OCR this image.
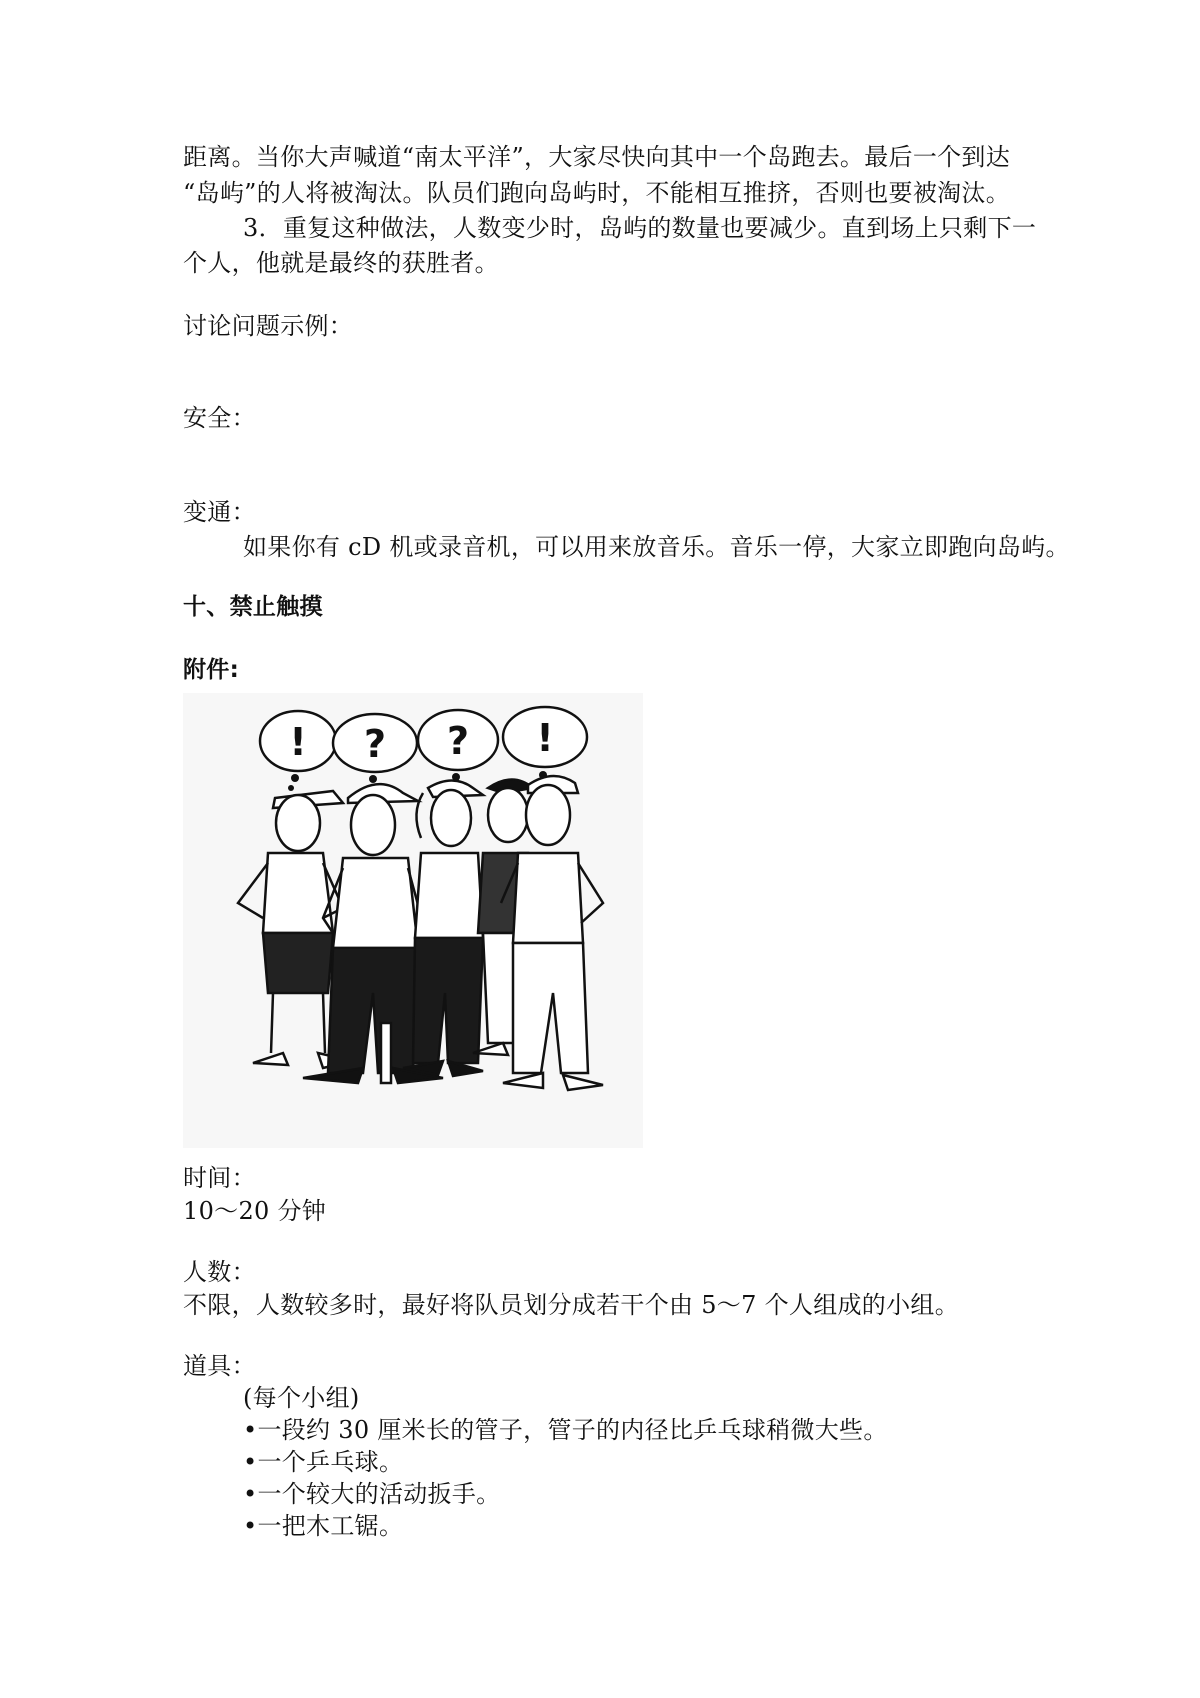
距离。当你大声喊道“南太平洋”，大家尽快向其中一个岛跑去。最后一个到达
“岛屿”的人将被淘汰。队员们跑向岛屿时，不能相互推挤，否则也要被淘汰。
3．重复这种做法，人数变少时，岛屿的数量也要减少。直到场上只剩下一
个人，他就是最终的获胜者。
讨论问题示例：
安全：
变通：
如果你有 cD 机或录音机，可以用来放音乐。音乐一停，大家立即跑向岛屿。
十、禁止触摸
附件:
! ? ? !
时间：
10～20 分钟
人数：
不限，人数较多时，最好将队员划分成若干个由 5～7 个人组成的小组。
道具：
(每个小组)
•一段约 30 厘米长的管子，管子的内径比乒乓球稍微大些。
•一个乒乓球。
•一个较大的活动扳手。
•一把木工锯。
